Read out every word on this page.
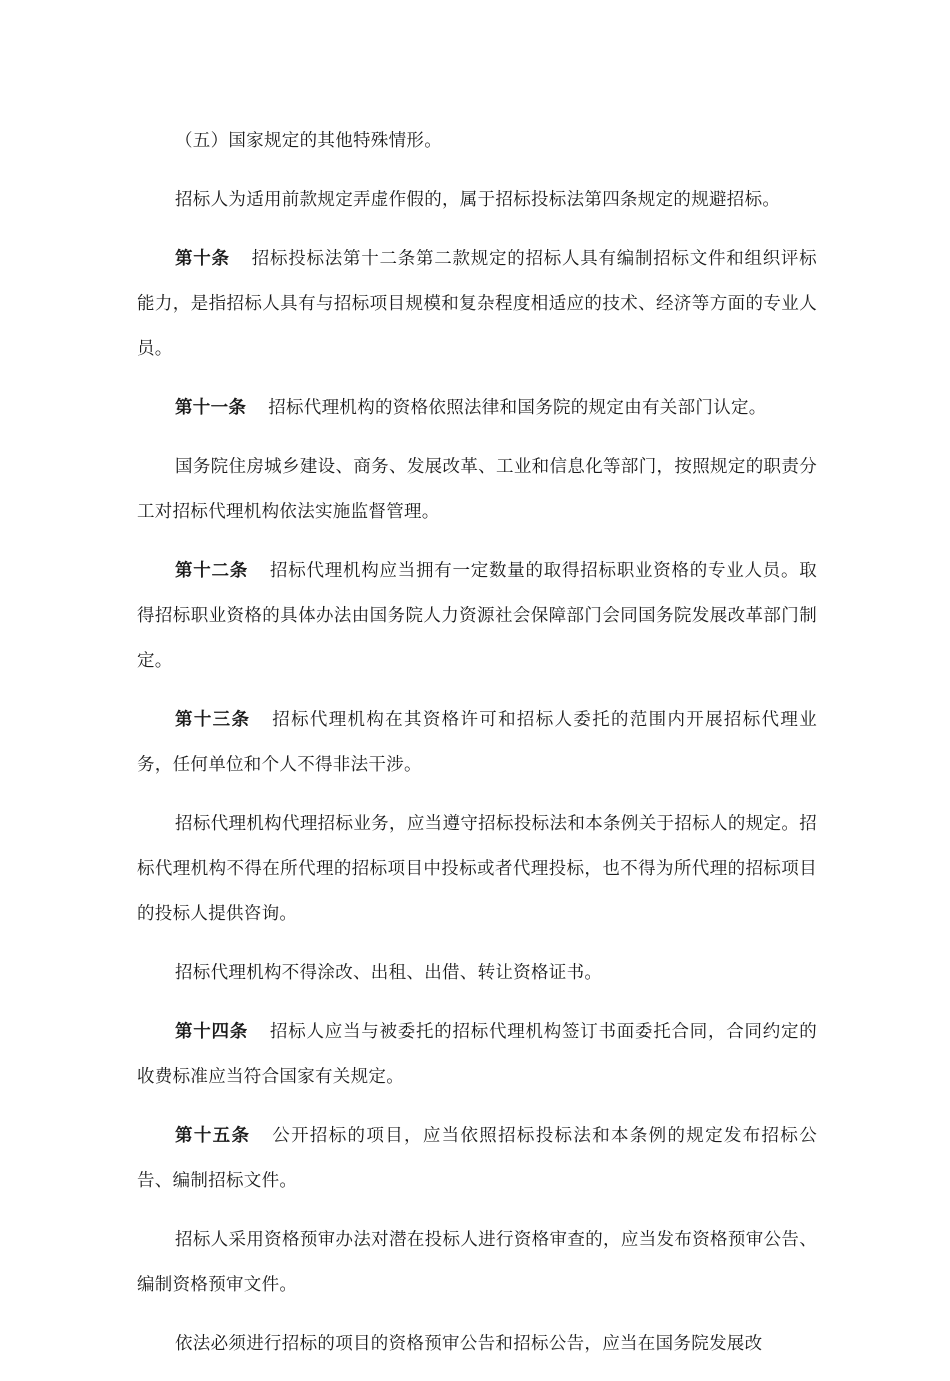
（五）国家规定的其他特殊情形。

招标人为适用前款规定弄虚作假的，属于招标投标法第四条规定的规避招标。

第十条 招标投标法第十二条第二款规定的招标人具有编制招标文件和组织评标能力，是指招标人具有与招标项目规模和复杂程度相适应的技术、经济等方面的专业人员。

第十一条 招标代理机构的资格依照法律和国务院的规定由有关部门认定。

国务院住房城乡建设、商务、发展改革、工业和信息化等部门，按照规定的职责分工对招标代理机构依法实施监督管理。

第十二条 招标代理机构应当拥有一定数量的取得招标职业资格的专业人员。取得招标职业资格的具体办法由国务院人力资源社会保障部门会同国务院发展改革部门制定。

第十三条 招标代理机构在其资格许可和招标人委托的范围内开展招标代理业务，任何单位和个人不得非法干涉。

招标代理机构代理招标业务，应当遵守招标投标法和本条例关于招标人的规定。招标代理机构不得在所代理的招标项目中投标或者代理投标，也不得为所代理的招标项目的投标人提供咨询。

招标代理机构不得涂改、出租、出借、转让资格证书。

第十四条 招标人应当与被委托的招标代理机构签订书面委托合同，合同约定的收费标准应当符合国家有关规定。

第十五条 公开招标的项目，应当依照招标投标法和本条例的规定发布招标公告、编制招标文件。

招标人采用资格预审办法对潜在投标人进行资格审查的，应当发布资格预审公告、编制资格预审文件。

依法必须进行招标的项目的资格预审公告和招标公告，应当在国务院发展改
